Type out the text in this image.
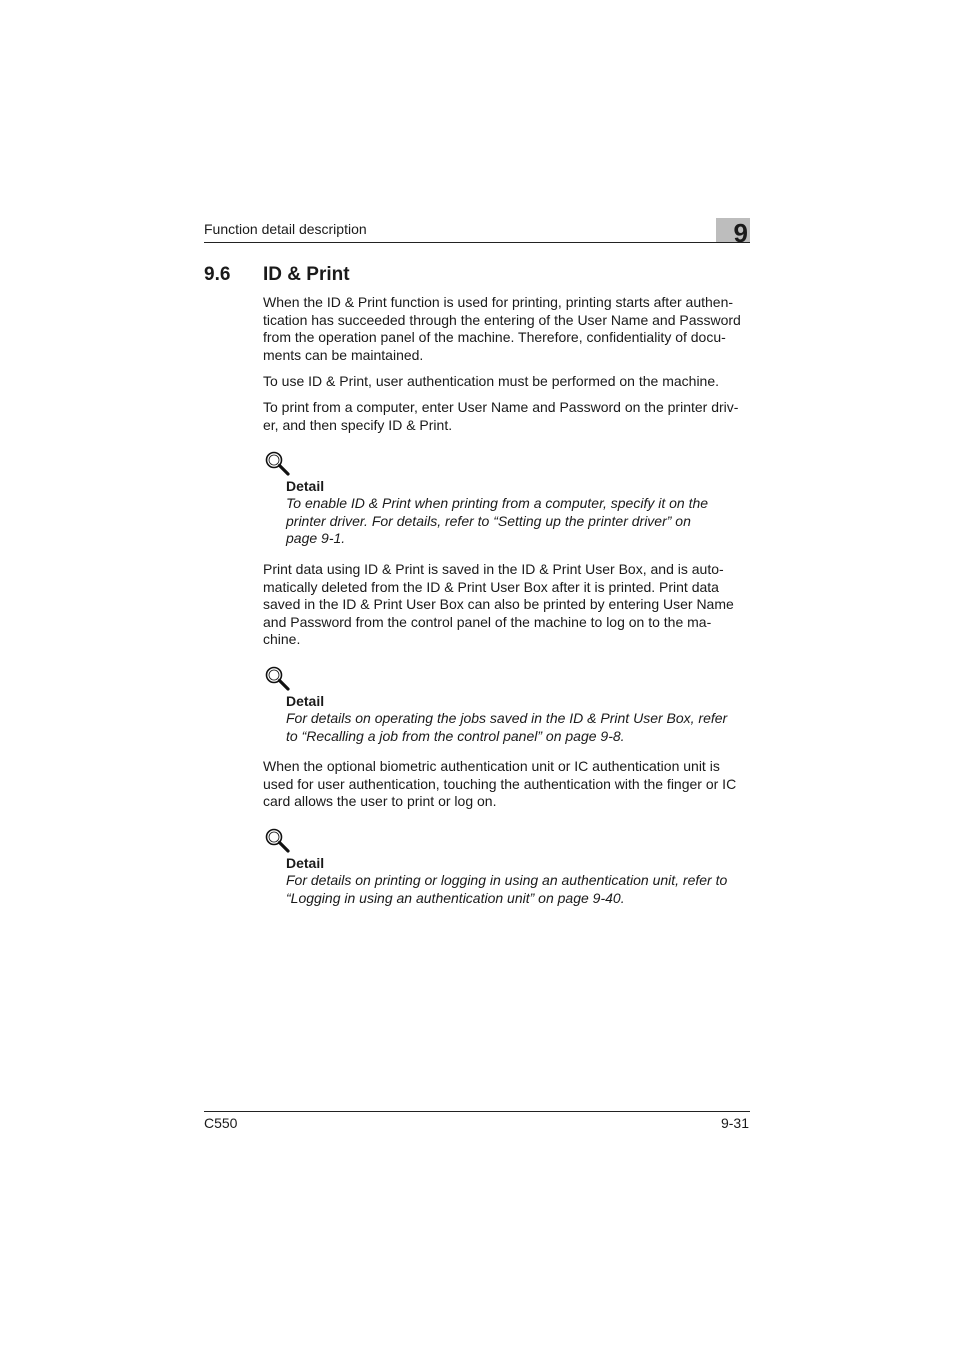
Function detail description	9
9.6 ID & Print

When the ID & Print function is used for printing, printing starts after authen-
tication has succeeded through the entering of the User Name and Password
from the operation panel of the machine. Therefore, confidentiality of docu-
ments can be maintained.

To use ID & Print, user authentication must be performed on the machine.

To print from a computer, enter User Name and Password on the printer driv-
er, and then specify ID & Print.

Detail

To enable ID & Print when printing from a computer, specify it on the
printer driver. For details, refer to “Setting up the printer driver” on
page 9-1.

Print data using ID & Print is saved in the ID & Print User Box, and is auto-
matically deleted from the ID & Print User Box after it is printed. Print data
saved in the ID & Print User Box can also be printed by entering User Name
and Password from the control panel of the machine to log on to the ma-
chine.

Detail

For details on operating the jobs saved in the ID & Print User Box, refer
to “Recalling a job from the control panel” on page 9-8.

When the optional biometric authentication unit or IC authentication unit is
used for user authentication, touching the authentication with the finger or IC
card allows the user to print or log on.

Detail

For details on printing or logging in using an authentication unit, refer to
“Logging in using an authentication unit” on page 9-40.

C550	9-31
